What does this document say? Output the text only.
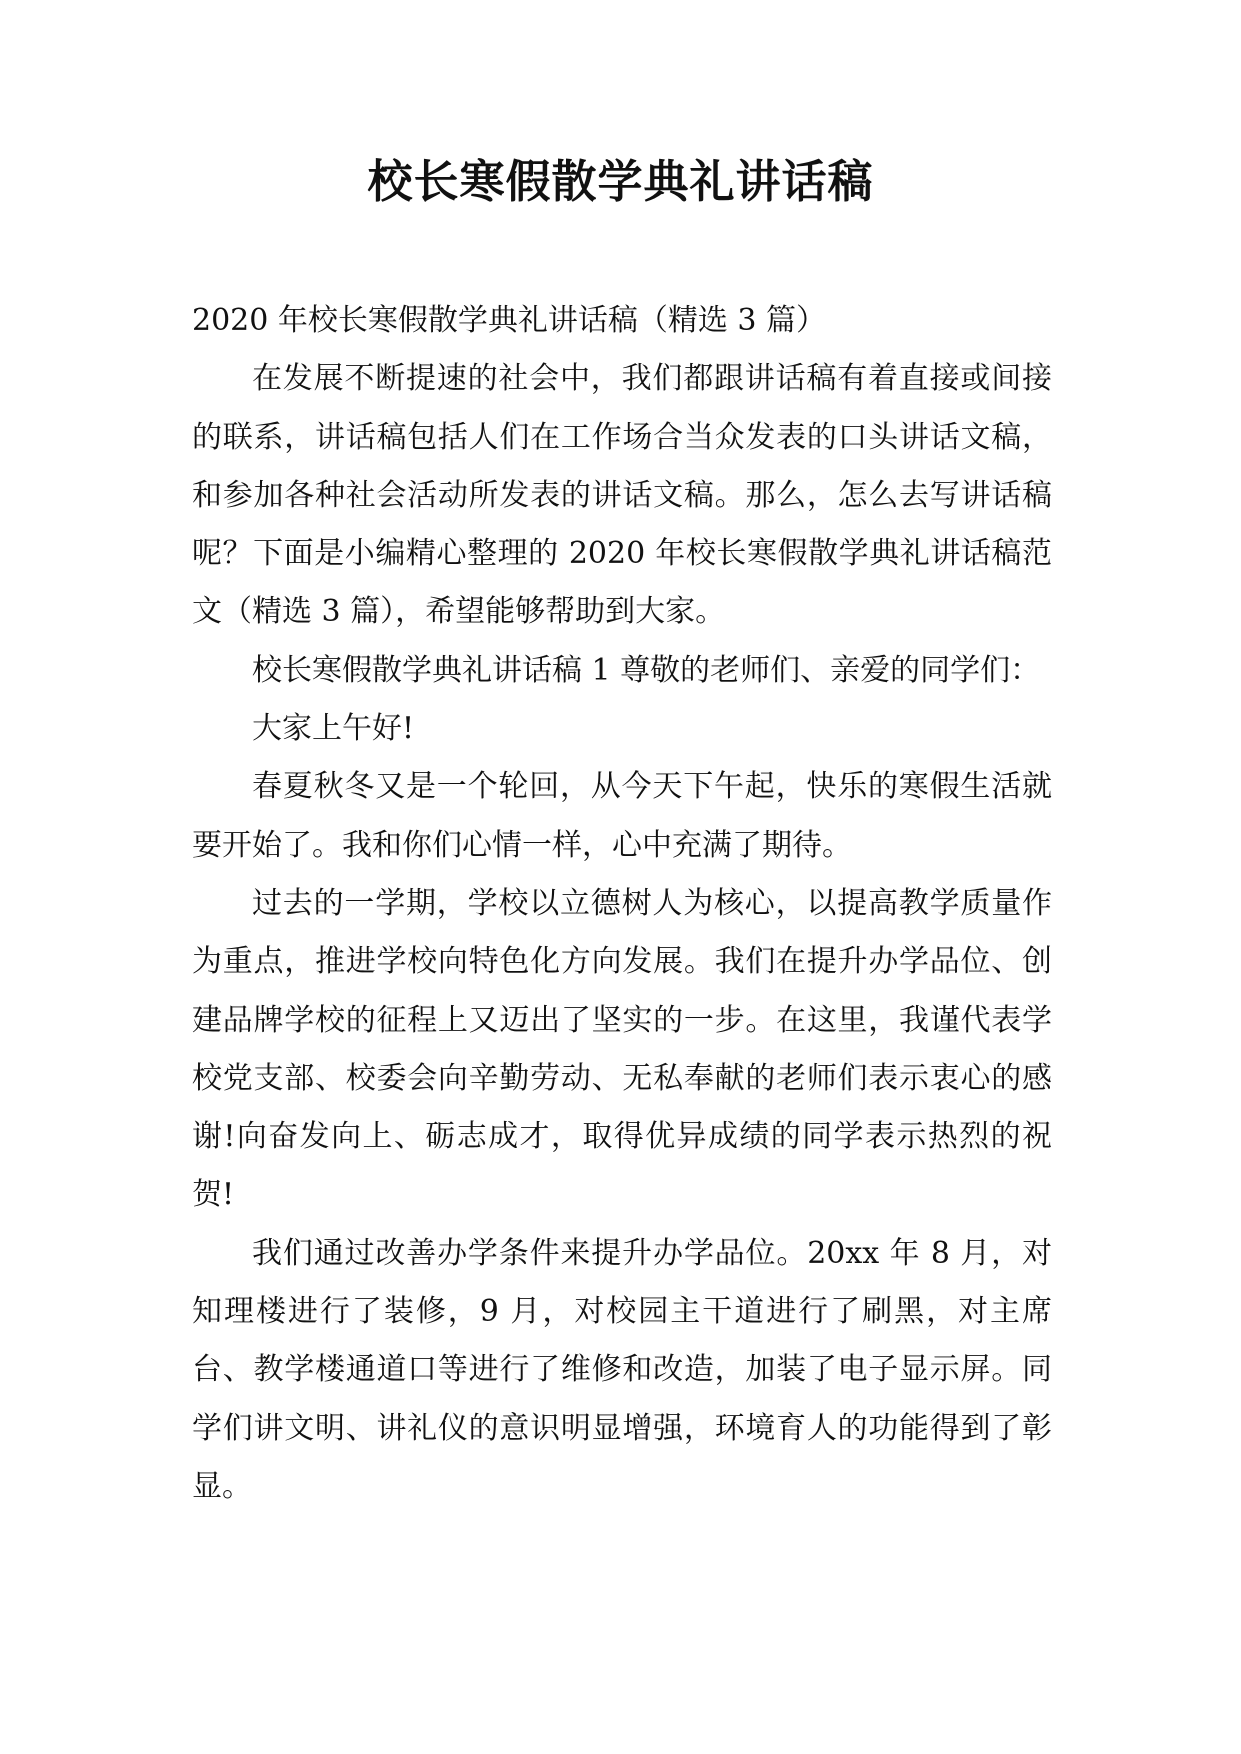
校长寒假散学典礼讲话稿

2020 年校长寒假散学典礼讲话稿（精选 3 篇）

在发展不断提速的社会中，我们都跟讲话稿有着直接或间接的联系，讲话稿包括人们在工作场合当众发表的口头讲话文稿，和参加各种社会活动所发表的讲话文稿。那么，怎么去写讲话稿呢？下面是小编精心整理的 2020 年校长寒假散学典礼讲话稿范文（精选 3 篇），希望能够帮助到大家。

校长寒假散学典礼讲话稿 1 尊敬的老师们、亲爱的同学们：

大家上午好!

春夏秋冬又是一个轮回，从今天下午起，快乐的寒假生活就要开始了。我和你们心情一样，心中充满了期待。

过去的一学期，学校以立德树人为核心，以提高教学质量作为重点，推进学校向特色化方向发展。我们在提升办学品位、创建品牌学校的征程上又迈出了坚实的一步。在这里，我谨代表学校党支部、校委会向辛勤劳动、无私奉献的老师们表示衷心的感谢!向奋发向上、砺志成才，取得优异成绩的同学表示热烈的祝贺!

我们通过改善办学条件来提升办学品位。20xx 年 8 月，对知理楼进行了装修，9 月，对校园主干道进行了刷黑，对主席台、教学楼通道口等进行了维修和改造，加装了电子显示屏。同学们讲文明、讲礼仪的意识明显增强，环境育人的功能得到了彰显。
